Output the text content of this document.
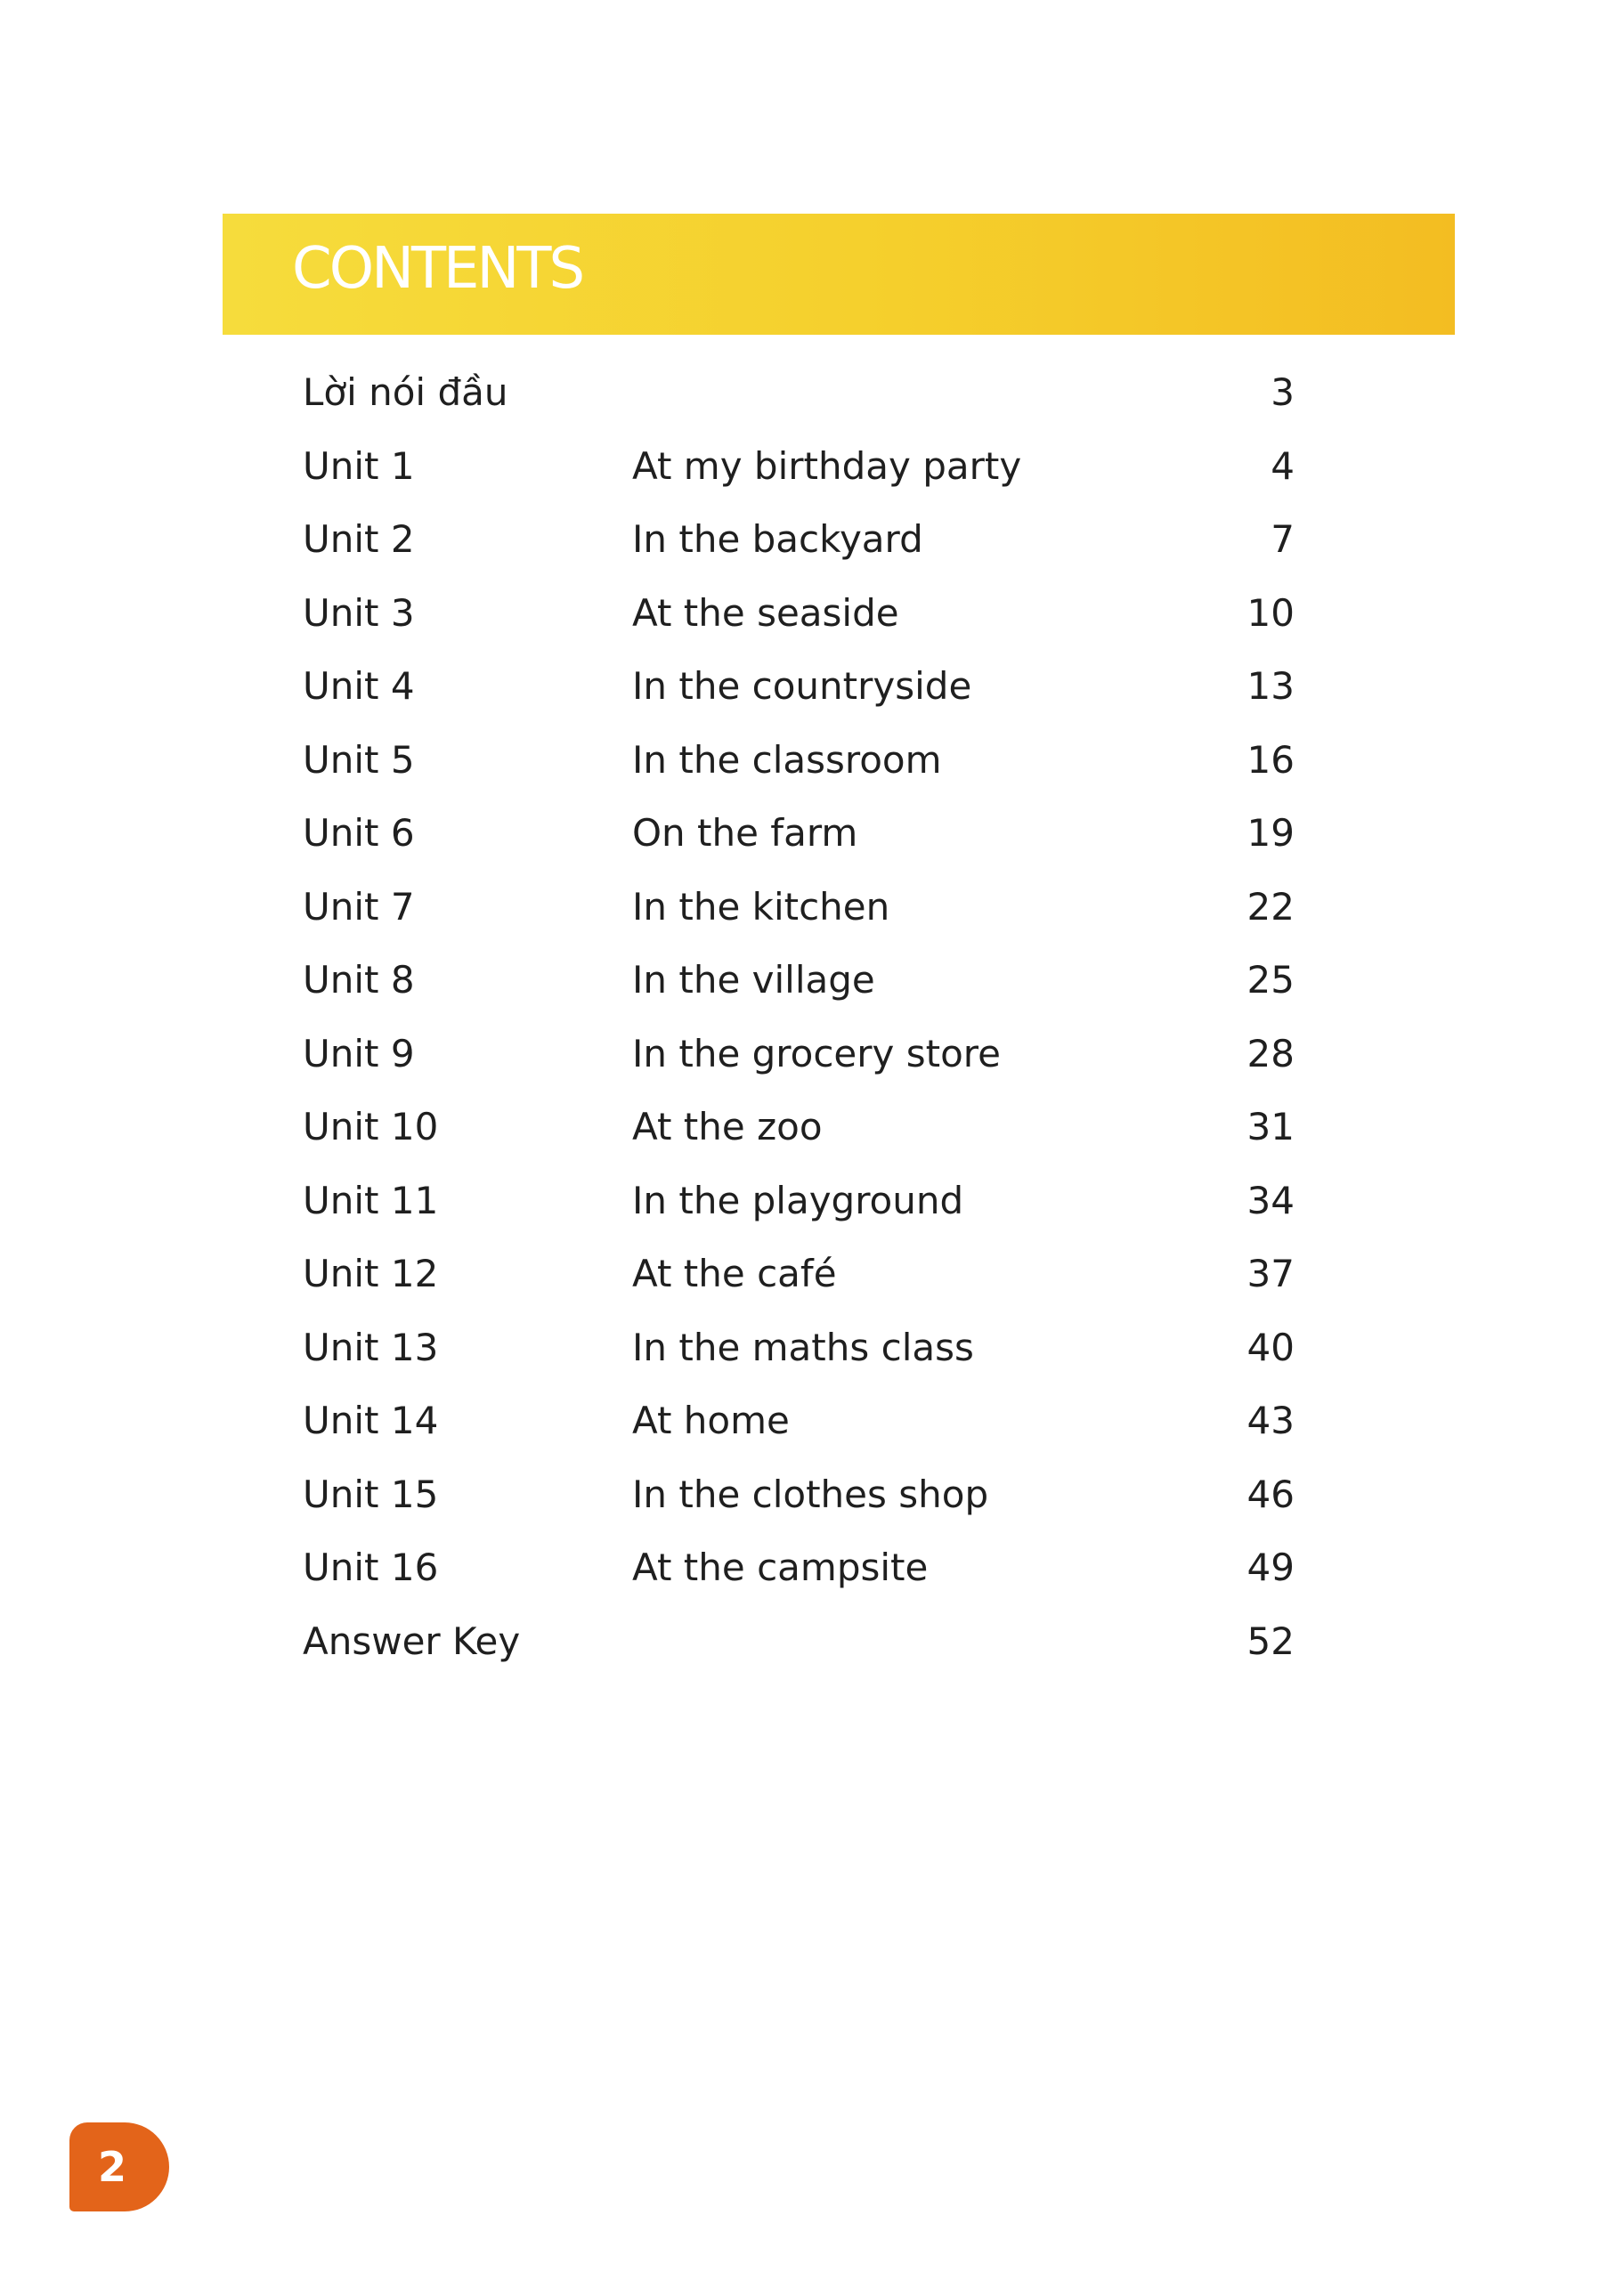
CONTENTS
Lời nói đầu	3
Unit 1	At my birthday party	4
Unit 2	In the backyard	7
Unit 3	At the seaside	10
Unit 4	In the countryside	13
Unit 5	In the classroom	16
Unit 6	On the farm	19
Unit 7	In the kitchen	22
Unit 8	In the village	25
Unit 9	In the grocery store	28
Unit 10	At the zoo	31
Unit 11	In the playground	34
Unit 12	At the café	37
Unit 13	In the maths class	40
Unit 14	At home	43
Unit 15	In the clothes shop	46
Unit 16	At the campsite	49
Answer Key	52
2
